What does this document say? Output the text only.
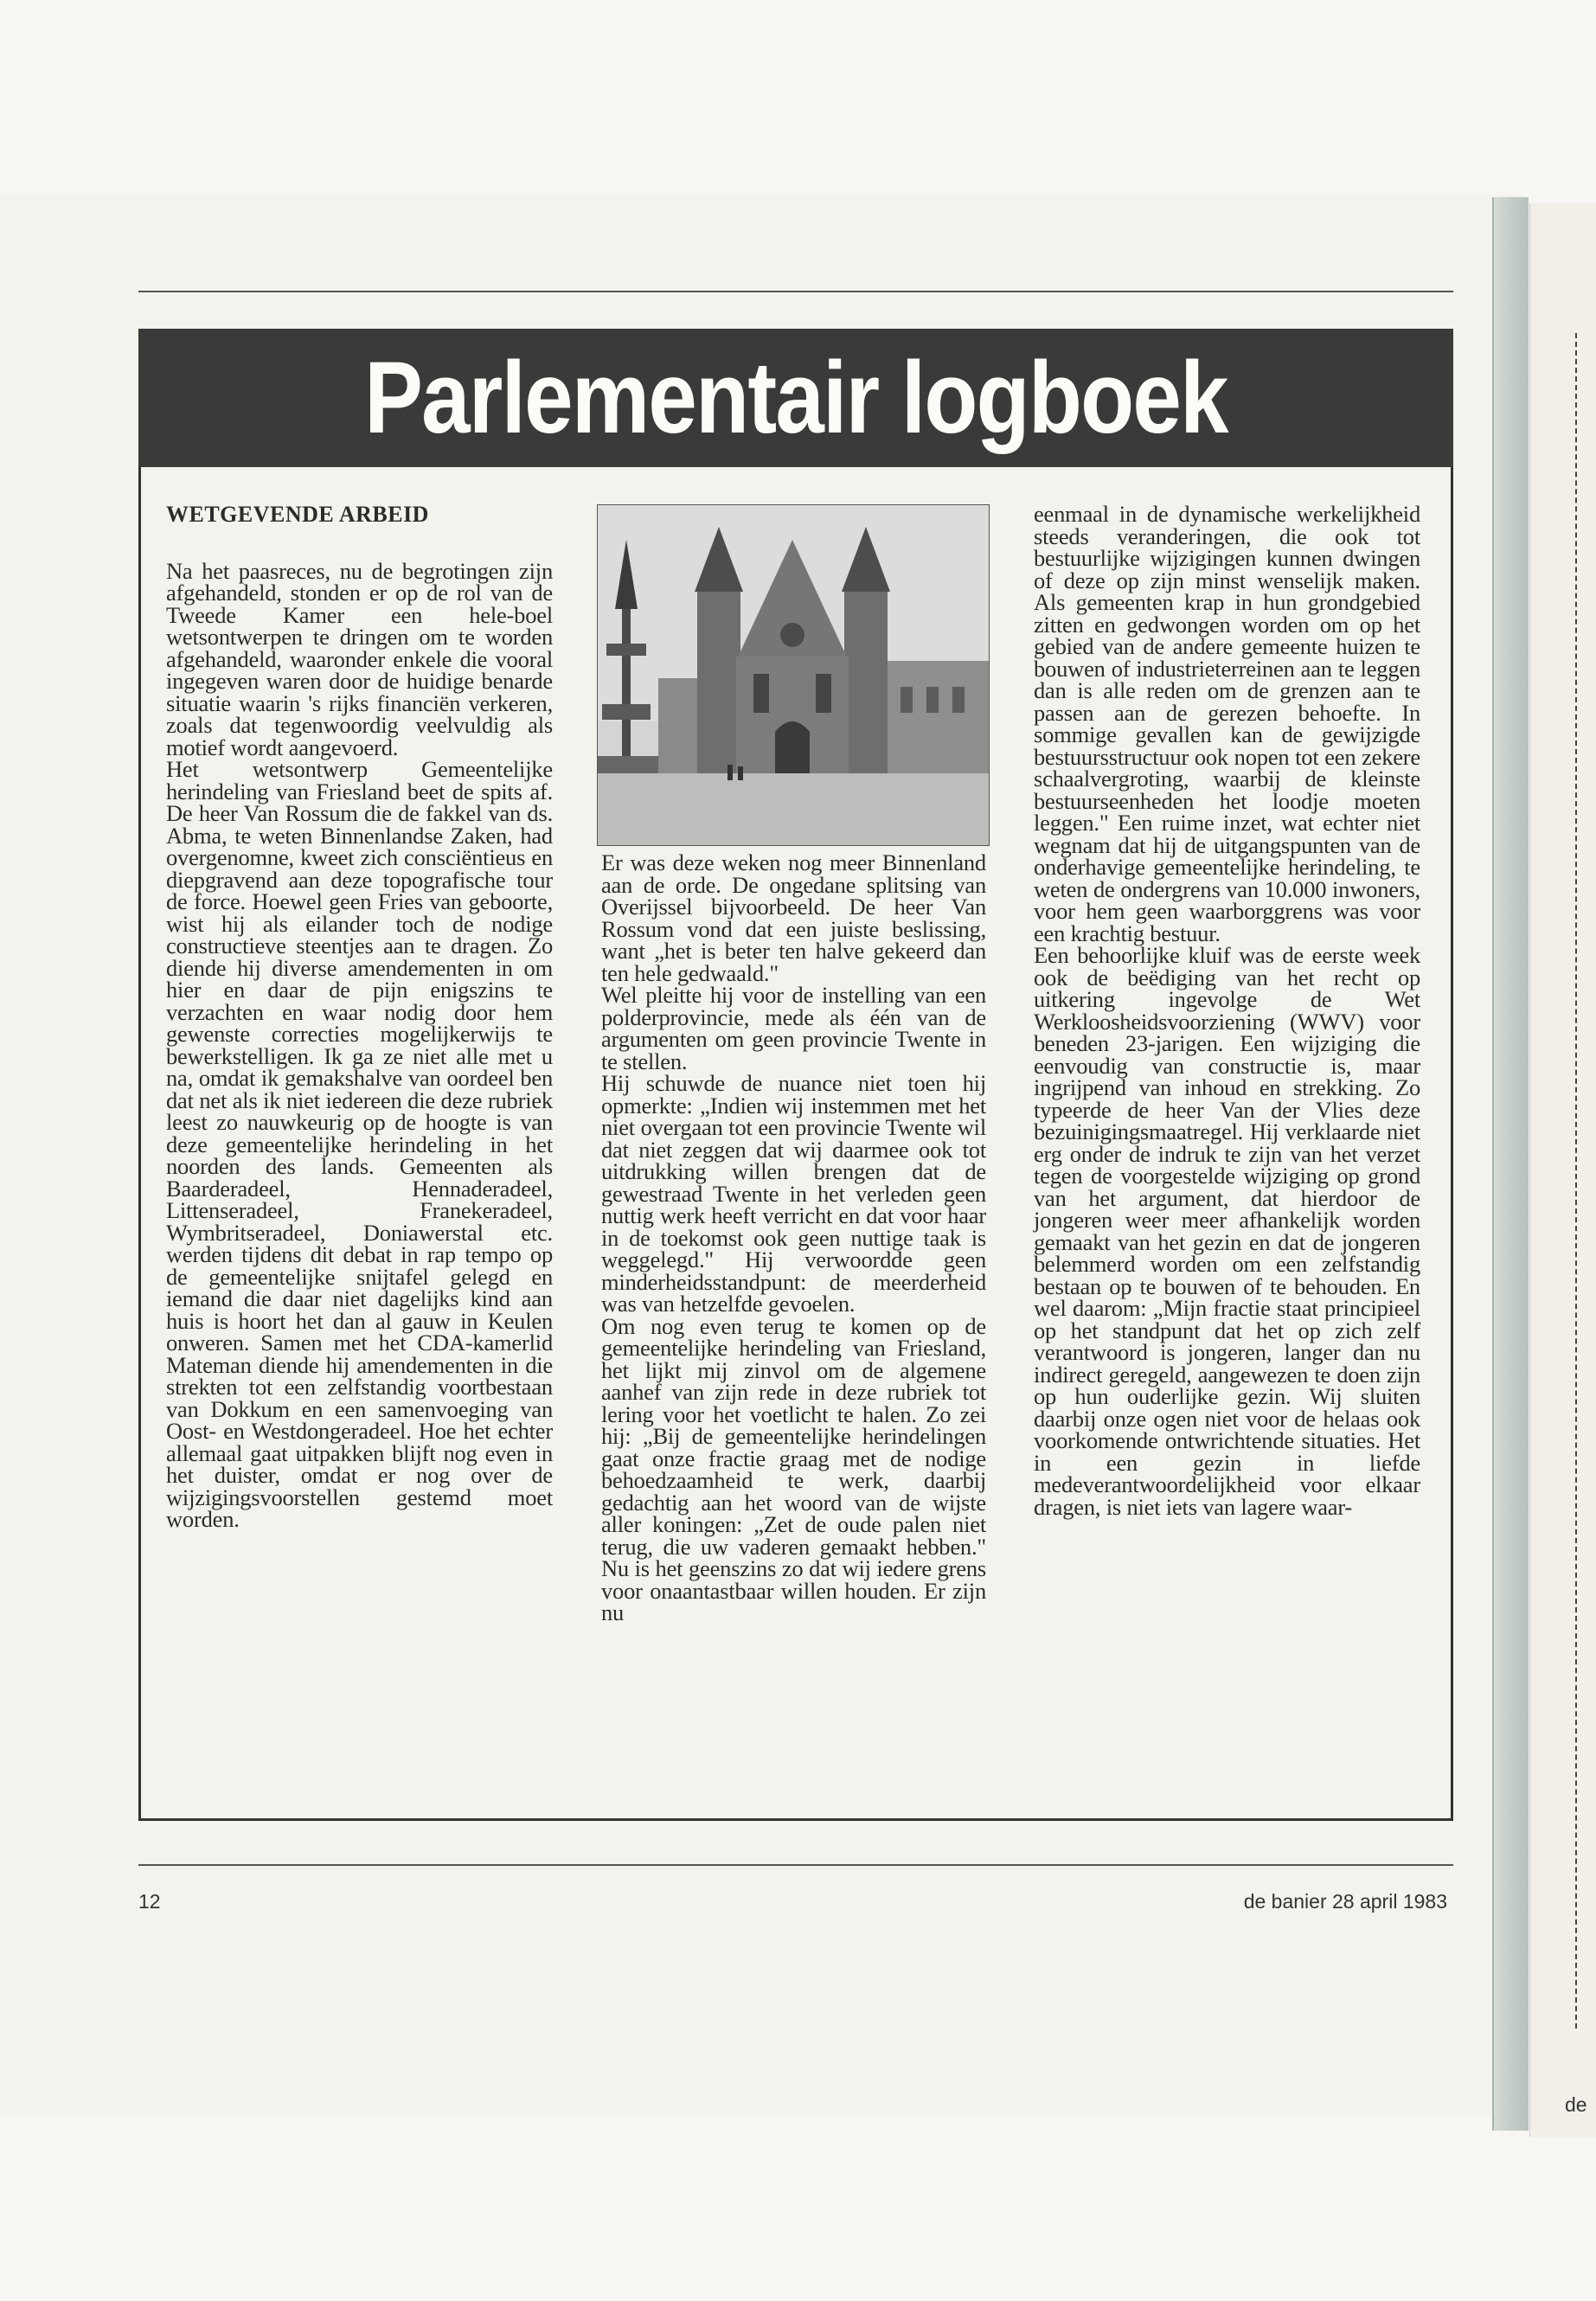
de
Parlementair logboek

WETGEVENDE ARBEID

Na het paasreces, nu de begrotingen zijn afgehandeld, stonden er op de rol van de Tweede Kamer een hele-boel wetsontwerpen te dringen om te worden afgehandeld, waaronder enkele die vooral ingegeven waren door de huidige benarde situatie waarin 's rijks financiën verkeren, zoals dat tegenwoordig veelvuldig als motief wordt aangevoerd.

Het wetsontwerp Gemeentelijke herindeling van Friesland beet de spits af. De heer Van Rossum die de fakkel van ds. Abma, te weten Binnenlandse Zaken, had overgenomne, kweet zich consciëntieus en diepgravend aan deze topografische tour de force. Hoewel geen Fries van geboorte, wist hij als eilander toch de nodige constructieve steentjes aan te dragen. Zo diende hij diverse amendementen in om hier en daar de pijn enigszins te verzachten en waar nodig door hem gewenste correcties mogelijkerwijs te bewerkstelligen. Ik ga ze niet alle met u na, omdat ik gemakshalve van oordeel ben dat net als ik niet iedereen die deze rubriek leest zo nauwkeurig op de hoogte is van deze gemeentelijke herindeling in het noorden des lands. Gemeenten als Baarderadeel, Hennaderadeel, Littenseradeel, Franekeradeel, Wymbritseradeel, Doniawerstal etc. werden tijdens dit debat in rap tempo op de gemeentelijke snijtafel gelegd en iemand die daar niet dagelijks kind aan huis is hoort het dan al gauw in Keulen onweren. Samen met het CDA-kamerlid Mateman diende hij amendementen in die strekten tot een zelfstandig voortbestaan van Dokkum en een samenvoeging van Oost- en Westdongeradeel. Hoe het echter allemaal gaat uitpakken blijft nog even in het duister, omdat er nog over de wijzigingsvoorstellen gestemd moet worden.

Er was deze weken nog meer Binnenland aan de orde. De ongedane splitsing van Overijssel bijvoorbeeld. De heer Van Rossum vond dat een juiste beslissing, want „het is beter ten halve gekeerd dan ten hele gedwaald."

Wel pleitte hij voor de instelling van een polderprovincie, mede als één van de argumenten om geen provincie Twente in te stellen.

Hij schuwde de nuance niet toen hij opmerkte: „Indien wij instemmen met het niet overgaan tot een provincie Twente wil dat niet zeggen dat wij daarmee ook tot uitdrukking willen brengen dat de gewestraad Twente in het verleden geen nuttig werk heeft verricht en dat voor haar in de toekomst ook geen nuttige taak is weggelegd." Hij verwoordde geen minderheidsstandpunt: de meerderheid was van hetzelfde gevoelen.

Om nog even terug te komen op de gemeentelijke herindeling van Friesland, het lijkt mij zinvol om de algemene aanhef van zijn rede in deze rubriek tot lering voor het voetlicht te halen. Zo zei hij: „Bij de gemeentelijke herindelingen gaat onze fractie graag met de nodige behoedzaamheid te werk, daarbij gedachtig aan het woord van de wijste aller koningen: „Zet de oude palen niet terug, die uw vaderen gemaakt hebben." Nu is het geenszins zo dat wij iedere grens voor onaantastbaar willen houden. Er zijn nu

eenmaal in de dynamische werkelijkheid steeds veranderingen, die ook tot bestuurlijke wijzigingen kunnen dwingen of deze op zijn minst wenselijk maken. Als gemeenten krap in hun grondgebied zitten en gedwongen worden om op het gebied van de andere gemeente huizen te bouwen of industrieterreinen aan te leggen dan is alle reden om de grenzen aan te passen aan de gerezen behoefte. In sommige gevallen kan de gewijzigde bestuursstructuur ook nopen tot een zekere schaalvergroting, waarbij de kleinste bestuurseenheden het loodje moeten leggen." Een ruime inzet, wat echter niet wegnam dat hij de uitgangspunten van de onderhavige gemeentelijke herindeling, te weten de ondergrens van 10.000 inwoners, voor hem geen waarborggrens was voor een krachtig bestuur.

Een behoorlijke kluif was de eerste week ook de beëdiging van het recht op uitkering ingevolge de Wet Werkloosheidsvoorziening (WWV) voor beneden 23-jarigen. Een wijziging die eenvoudig van constructie is, maar ingrijpend van inhoud en strekking. Zo typeerde de heer Van der Vlies deze bezuinigingsmaatregel. Hij verklaarde niet erg onder de indruk te zijn van het verzet tegen de voorgestelde wijziging op grond van het argument, dat hierdoor de jongeren weer meer afhankelijk worden gemaakt van het gezin en dat de jongeren belemmerd worden om een zelfstandig bestaan op te bouwen of te behouden. En wel daarom: „Mijn fractie staat principieel op het standpunt dat het op zich zelf verantwoord is jongeren, langer dan nu indirect geregeld, aangewezen te doen zijn op hun ouderlijke gezin. Wij sluiten daarbij onze ogen niet voor de helaas ook voorkomende ontwrichtende situaties. Het in een gezin in liefde medeverantwoordelijkheid voor elkaar dragen, is niet iets van lagere waar-

12	de banier 28 april 1983
